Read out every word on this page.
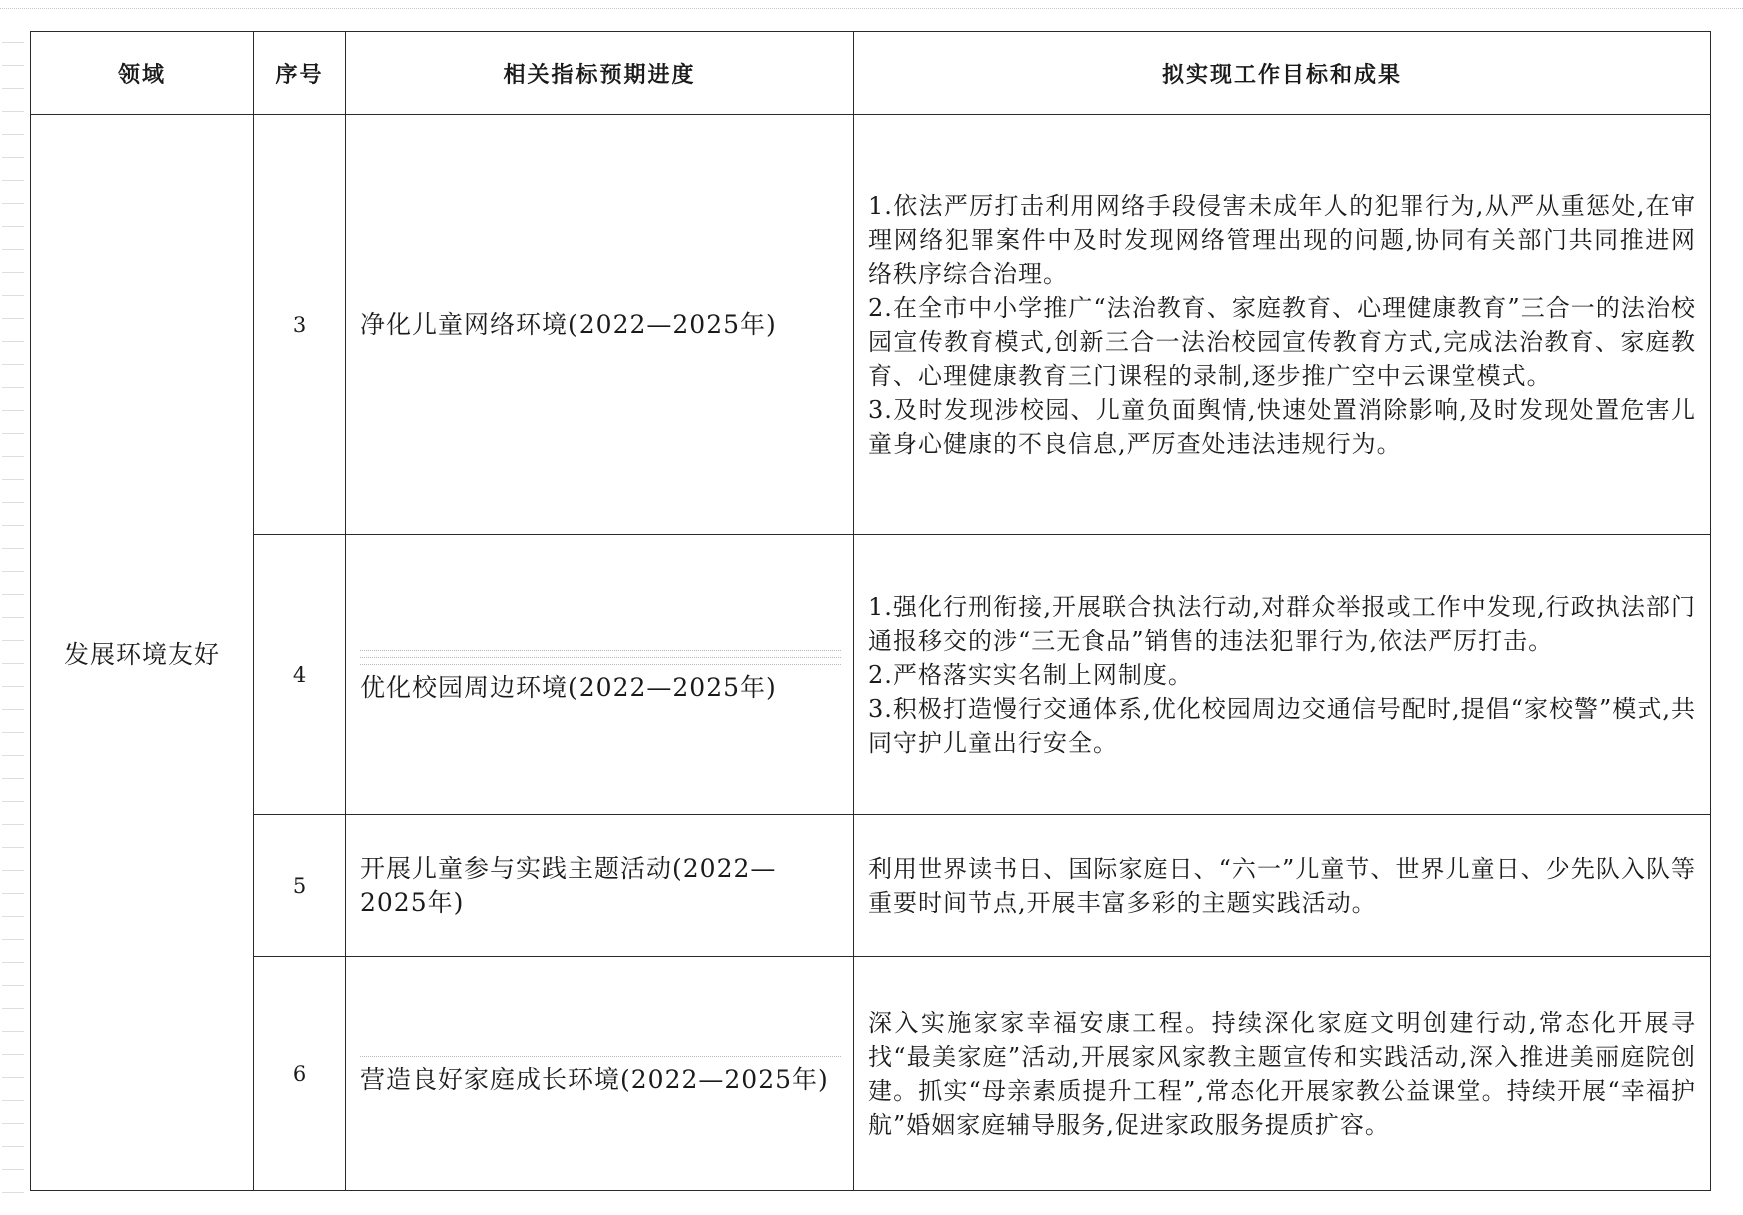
领域	序号	相关指标预期进度	拟实现工作目标和成果
发展环境友好	3	净化儿童网络环境(2022—2025年)	1.依法严厉打击利用网络手段侵害未成年人的犯罪行为,从严从重惩处,在审理网络犯罪案件中及时发现网络管理出现的问题,协同有关部门共同推进网络秩序综合治理。
2.在全市中小学推广“法治教育、家庭教育、心理健康教育”三合一的法治校园宣传教育模式,创新三合一法治校园宣传教育方式,完成法治教育、家庭教育、心理健康教育三门课程的录制,逐步推广空中云课堂模式。
3.及时发现涉校园、儿童负面舆情,快速处置消除影响,及时发现处置危害儿童身心健康的不良信息,严厉查处违法违规行为。

	4	优化校园周边环境(2022—2025年)	1.强化行刑衔接,开展联合执法行动,对群众举报或工作中发现,行政执法部门通报移交的涉“三无食品”销售的违法犯罪行为,依法严厉打击。
2.严格落实实名制上网制度。
3.积极打造慢行交通体系,优化校园周边交通信号配时,提倡“家校警”模式,共同守护儿童出行安全。

	5	开展儿童参与实践主题活动(2022—2025年)	利用世界读书日、国际家庭日、“六一”儿童节、世界儿童日、少先队入队等重要时间节点,开展丰富多彩的主题实践活动。

	6	营造良好家庭成长环境(2022—2025年)	深入实施家家幸福安康工程。持续深化家庭文明创建行动,常态化开展寻找“最美家庭”活动,开展家风家教主题宣传和实践活动,深入推进美丽庭院创建。抓实“母亲素质提升工程”,常态化开展家教公益课堂。持续开展“幸福护航”婚姻家庭辅导服务,促进家政服务提质扩容。
